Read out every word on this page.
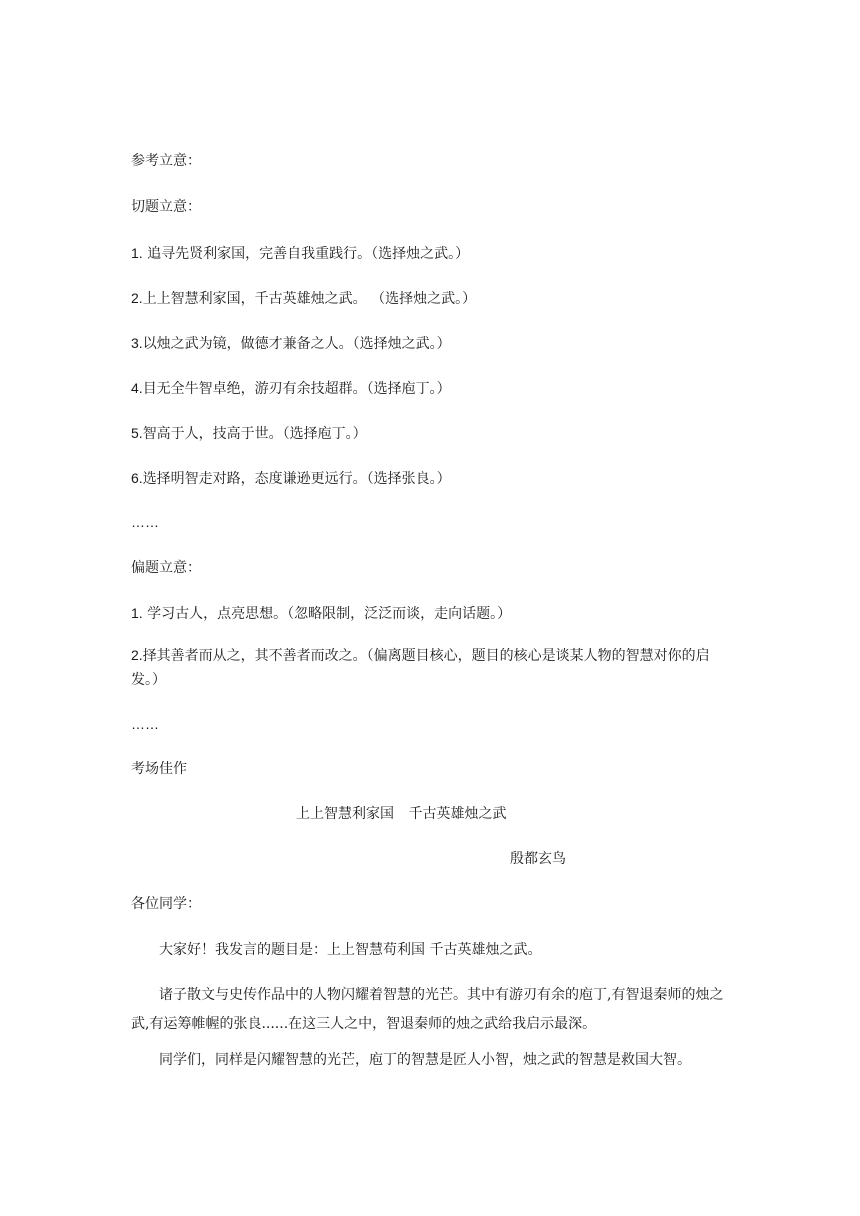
参考立意：
切题立意：
1. 追寻先贤利家国，完善自我重践行。（选择烛之武。）
2.上上智慧利家国，千古英雄烛之武。 （选择烛之武。）
3.以烛之武为镜，做德才兼备之人。（选择烛之武。）
4.目无全牛智卓绝，游刃有余技超群。（选择庖丁。）
5.智高于人，技高于世。（选择庖丁。）
6.选择明智走对路，态度谦逊更远行。（选择张良。）
……
偏题立意：
1. 学习古人，点亮思想。（忽略限制，泛泛而谈，走向话题。）
2.择其善者而从之，其不善者而改之。（偏离题目核心，题目的核心是谈某人物的智慧对你的启发。）
……
考场佳作
上上智慧利家国 千古英雄烛之武
殷都玄鸟
各位同学：
大家好！我发言的题目是：上上智慧苟利国 千古英雄烛之武。
诸子散文与史传作品中的人物闪耀着智慧的光芒。其中有游刃有余的庖丁,有智退秦师的烛之武,有运筹帷幄的张良......在这三人之中，智退秦师的烛之武给我启示最深。
同学们，同样是闪耀智慧的光芒，庖丁的智慧是匠人小智，烛之武的智慧是救国大智。
